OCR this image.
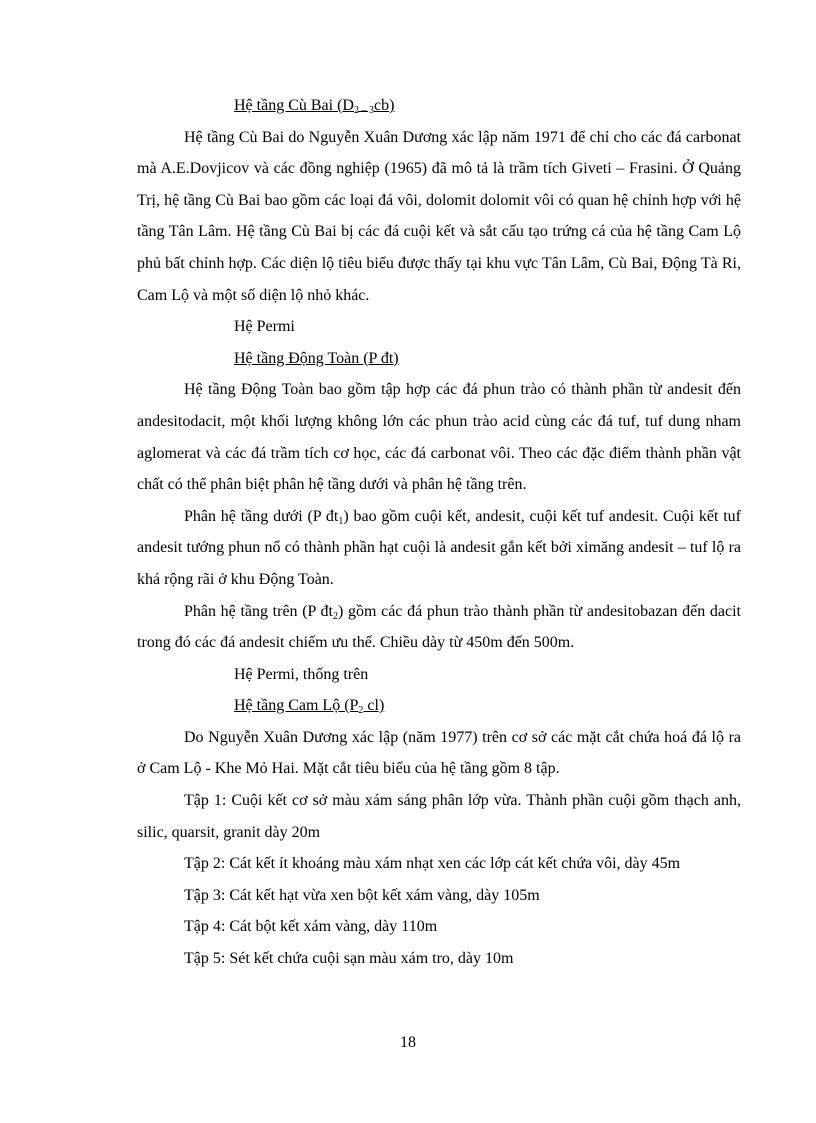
Hệ tầng Cù Bai $(D_{2 - 3}cb)$

Hệ tầng Cù Bai do Nguyễn Xuân Dương xác lập năm 1971 để chỉ cho các đá carbonat mà A.E.Dovjicov và các đồng nghiệp (1965) đã mô tả là trầm tích Giveti – Frasini. Ở Quảng Trị, hệ tầng Cù Bai bao gồm các loại đá vôi, dolomit dolomit vôi có quan hệ chỉnh hợp với hệ tầng Tân Lâm. Hệ tầng Cù Bai bị các đá cuội kết và sắt cấu tạo trứng cá của hệ tầng Cam Lộ phủ bất chỉnh hợp. Các diện lộ tiêu biểu được thấy tại khu vực Tân Lâm, Cù Bai, Động Tà Ri, Cam Lộ và một số diện lộ nhỏ khác.

Hệ Permi

Hệ tầng Động Toàn (P đt)

Hệ tầng Động Toàn bao gồm tập hợp các đá phun trào có thành phần từ andesit đến andesitodacit, một khối lượng không lớn các phun trào acid cùng các đá tuf, tuf dung nham aglomerat và các đá trầm tích cơ học, các đá carbonat vôi. Theo các đặc điểm thành phần vật chất có thể phân biệt phân hệ tầng dưới và phân hệ tầng trên.

Phân hệ tầng dưới (P $đt_1$) bao gồm cuội kết, andesit, cuội kết tuf andesit. Cuội kết tuf andesit tướng phun nổ có thành phần hạt cuội là andesit gắn kết bởi ximăng andesit – tuf lộ ra khá rộng rãi ở khu Động Toàn.

Phân hệ tầng trên (P $đt_2$) gồm các đá phun trào thành phần từ andesitobazan đến dacit trong đó các đá andesit chiếm ưu thế. Chiều dày từ 450m đến 500m.

Hệ Permi, thống trên

Hệ tầng Cam Lộ ($P_2$ cl)

Do Nguyễn Xuân Dương xác lập (năm 1977) trên cơ sở các mặt cắt chứa hoá đá lộ ra ở Cam Lộ - Khe Mỏ Hai. Mặt cắt tiêu biểu của hệ tầng gồm 8 tập.

Tập 1: Cuội kết cơ sở màu xám sáng phân lớp vừa. Thành phần cuội gồm thạch anh, silic, quarsit, granit dày 20m

Tập 2: Cát kết ít khoáng màu xám nhạt xen các lớp cát kết chứa vôi, dày 45m

Tập 3: Cát kết hạt vừa xen bột kết xám vàng, dày 105m

Tập 4: Cát bột kết xám vàng, dày 110m

Tập 5: Sét kết chứa cuội sạn màu xám tro, dày 10m

18
